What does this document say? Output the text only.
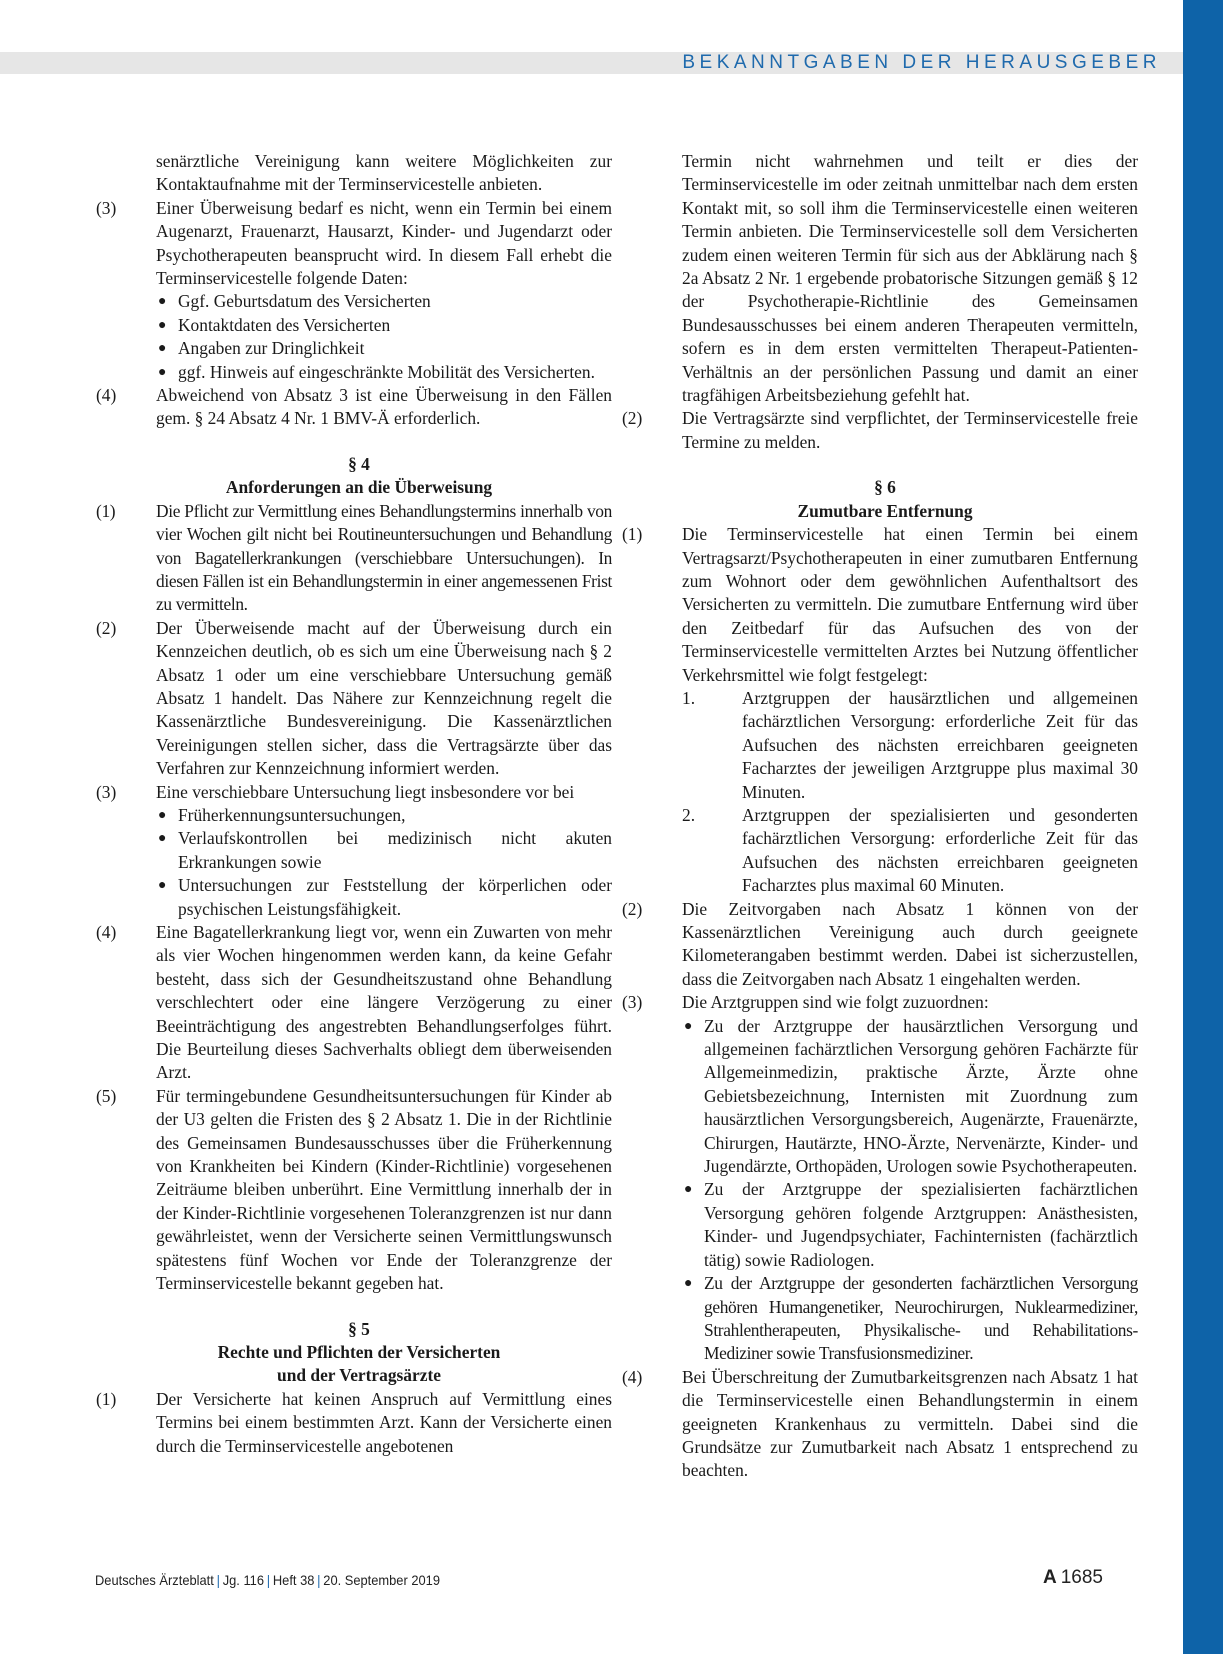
BEKANNTGABEN DER HERAUSGEBER
senärztliche Vereinigung kann weitere Möglichkeiten zur Kontaktaufnahme mit der Terminservicestelle anbieten.
(3) Einer Überweisung bedarf es nicht, wenn ein Termin bei einem Augenarzt, Frauenarzt, Hausarzt, Kinder- und Jugendarzt oder Psychotherapeuten beansprucht wird. In diesem Fall erhebt die Terminservicestelle folgende Daten:
● Ggf. Geburtsdatum des Versicherten
● Kontaktdaten des Versicherten
● Angaben zur Dringlichkeit
● ggf. Hinweis auf eingeschränkte Mobilität des Versicherten.
(4) Abweichend von Absatz 3 ist eine Überweisung in den Fällen gem. § 24 Absatz 4 Nr. 1 BMV-Ä erforderlich.
§ 4
Anforderungen an die Überweisung
(1) Die Pflicht zur Vermittlung eines Behandlungstermins innerhalb von vier Wochen gilt nicht bei Routineuntersuchungen und Behandlung von Bagatellerkrankungen (verschiebbare Untersuchungen). In diesen Fällen ist ein Behandlungstermin in einer angemessenen Frist zu vermitteln.
(2) Der Überweisende macht auf der Überweisung durch ein Kennzeichen deutlich, ob es sich um eine Überweisung nach § 2 Absatz 1 oder um eine verschiebbare Untersuchung gemäß Absatz 1 handelt. Das Nähere zur Kennzeichnung regelt die Kassenärztliche Bundesvereinigung. Die Kassenärztlichen Vereinigungen stellen sicher, dass die Vertragsärzte über das Verfahren zur Kennzeichnung informiert werden.
(3) Eine verschiebbare Untersuchung liegt insbesondere vor bei
● Früherkennungsuntersuchungen,
● Verlaufskontrollen bei medizinisch nicht akuten Erkrankungen sowie
● Untersuchungen zur Feststellung der körperlichen oder psychischen Leistungsfähigkeit.
(4) Eine Bagatellerkrankung liegt vor, wenn ein Zuwarten von mehr als vier Wochen hingenommen werden kann, da keine Gefahr besteht, dass sich der Gesundheitszustand ohne Behandlung verschlechtert oder eine längere Verzögerung zu einer Beeinträchtigung des angestrebten Behandlungserfolges führt. Die Beurteilung dieses Sachverhalts obliegt dem überweisenden Arzt.
(5) Für termingebundene Gesundheitsuntersuchungen für Kinder ab der U3 gelten die Fristen des § 2 Absatz 1. Die in der Richtlinie des Gemeinsamen Bundesausschusses über die Früherkennung von Krankheiten bei Kindern (Kinder-Richtlinie) vorgesehenen Zeiträume bleiben unberührt. Eine Vermittlung innerhalb der in der Kinder-Richtlinie vorgesehenen Toleranzgrenzen ist nur dann gewährleistet, wenn der Versicherte seinen Vermittlungswunsch spätestens fünf Wochen vor Ende der Toleranzgrenze der Terminservicestelle bekannt gegeben hat.
§ 5
Rechte und Pflichten der Versicherten
und der Vertragsärzte
(1) Der Versicherte hat keinen Anspruch auf Vermittlung eines Termins bei einem bestimmten Arzt. Kann der Versicherte einen durch die Terminservicestelle angebotenen
Termin nicht wahrnehmen und teilt er dies der Terminservicestelle im oder zeitnah unmittelbar nach dem ersten Kontakt mit, so soll ihm die Terminservicestelle einen weiteren Termin anbieten. Die Terminservicestelle soll dem Versicherten zudem einen weiteren Termin für sich aus der Abklärung nach § 2a Absatz 2 Nr. 1 ergebende probatorische Sitzungen gemäß § 12 der Psychotherapie-Richtlinie des Gemeinsamen Bundesausschusses bei einem anderen Therapeuten vermitteln, sofern es in dem ersten vermittelten Therapeut-Patienten-Verhältnis an der persönlichen Passung und damit an einer tragfähigen Arbeitsbeziehung gefehlt hat.
(2) Die Vertragsärzte sind verpflichtet, der Terminservicestelle freie Termine zu melden.
§ 6
Zumutbare Entfernung
(1) Die Terminservicestelle hat einen Termin bei einem Vertragsarzt/Psychotherapeuten in einer zumutbaren Entfernung zum Wohnort oder dem gewöhnlichen Aufenthaltsort des Versicherten zu vermitteln. Die zumutbare Entfernung wird über den Zeitbedarf für das Aufsuchen des von der Terminservicestelle vermittelten Arztes bei Nutzung öffentlicher Verkehrsmittel wie folgt festgelegt:
1.	Arztgruppen der hausärztlichen und allgemeinen fachärztlichen Versorgung: erforderliche Zeit für das Aufsuchen des nächsten erreichbaren geeigneten Facharztes der jeweiligen Arztgruppe plus maximal 30 Minuten.
2.	Arztgruppen der spezialisierten und gesonderten fachärztlichen Versorgung: erforderliche Zeit für das Aufsuchen des nächsten erreichbaren geeigneten Facharztes plus maximal 60 Minuten.
(2) Die Zeitvorgaben nach Absatz 1 können von der Kassenärztlichen Vereinigung auch durch geeignete Kilometerangaben bestimmt werden. Dabei ist sicherzustellen, dass die Zeitvorgaben nach Absatz 1 eingehalten werden.
(3) Die Arztgruppen sind wie folgt zuzuordnen:
● Zu der Arztgruppe der hausärztlichen Versorgung und allgemeinen fachärztlichen Versorgung gehören Fachärzte für Allgemeinmedizin, praktische Ärzte, Ärzte ohne Gebietsbezeichnung, Internisten mit Zuordnung zum hausärztlichen Versorgungsbereich, Augenärzte, Frauenärzte, Chirurgen, Hautärzte, HNO-Ärzte, Nervenärzte, Kinder- und Jugendärzte, Orthopäden, Urologen sowie Psychotherapeuten.
● Zu der Arztgruppe der spezialisierten fachärztlichen Versorgung gehören folgende Arztgruppen: Anästhesisten, Kinder- und Jugendpsychiater, Fachinternisten (fachärztlich tätig) sowie Radiologen.
● Zu der Arztgruppe der gesonderten fachärztlichen Versorgung gehören Humangenetiker, Neurochirurgen, Nuklearmediziner, Strahlentherapeuten, Physikalische- und Rehabilitations-Mediziner sowie Transfusionsmediziner.
(4) Bei Überschreitung der Zumutbarkeitsgrenzen nach Absatz 1 hat die Terminservicestelle einen Behandlungstermin in einem geeigneten Krankenhaus zu vermitteln. Dabei sind die Grundsätze zur Zumutbarkeit nach Absatz 1 entsprechend zu beachten.
Deutsches Ärzteblatt | Jg. 116 | Heft 38 | 20. September 2019	A 1685
